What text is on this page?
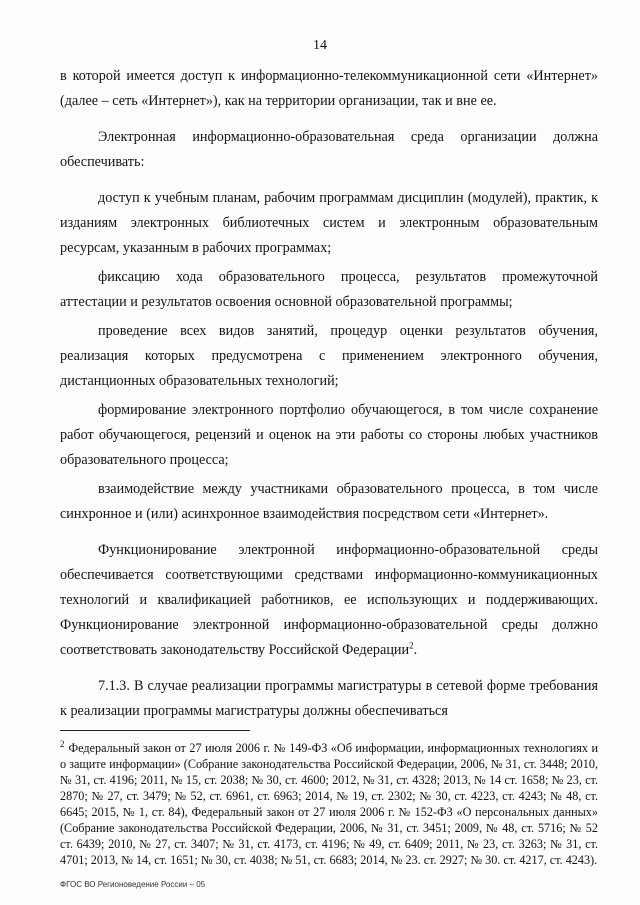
14

в которой имеется доступ к информационно-телекоммуникационной сети «Интернет» (далее – сеть «Интернет»), как на территории организации, так и вне ее.

Электронная информационно-образовательная среда организации должна обеспечивать:

доступ к учебным планам, рабочим программам дисциплин (модулей), практик, к изданиям электронных библиотечных систем и электронным образовательным ресурсам, указанным в рабочих программах;

фиксацию хода образовательного процесса, результатов промежуточной аттестации и результатов освоения основной образовательной программы;

проведение всех видов занятий, процедур оценки результатов обучения, реализация которых предусмотрена с применением электронного обучения, дистанционных образовательных технологий;

формирование электронного портфолио обучающегося, в том числе сохранение работ обучающегося, рецензий и оценок на эти работы со стороны любых участников образовательного процесса;

взаимодействие между участниками образовательного процесса, в том числе синхронное и (или) асинхронное взаимодействия посредством сети «Интернет».

Функционирование электронной информационно-образовательной среды обеспечивается соответствующими средствами информационно-коммуникационных технологий и квалификацией работников, ее использующих и поддерживающих. Функционирование электронной информационно-образовательной среды должно соответствовать законодательству Российской Федерации$^2$.

7.1.3. В случае реализации программы магистратуры в сетевой форме требования к реализации программы магистратуры должны обеспечиваться

$^2$ Федеральный закон от 27 июля 2006 г. № 149-ФЗ «Об информации, информационных технологиях и о защите информации» (Собрание законодательства Российской Федерации, 2006, № 31, ст. 3448; 2010, № 31, ст. 4196; 2011, № 15, ст. 2038; № 30, ст. 4600; 2012, № 31, ст. 4328; 2013, № 14 ст. 1658; № 23, ст. 2870; № 27, ст. 3479; № 52, ст. 6961, ст. 6963; 2014, № 19, ст. 2302; № 30, ст. 4223, ст. 4243; № 48, ст. 6645; 2015, № 1, ст. 84), Федеральный закон от 27 июля 2006 г. № 152-ФЗ «О персональных данных» (Собрание законодательства Российской Федерации, 2006, № 31, ст. 3451; 2009, № 48, ст. 5716; № 52 ст. 6439; 2010, № 27, ст. 3407; № 31, ст. 4173, ст. 4196; № 49, ст. 6409; 2011, № 23, ст. 3263; № 31, ст. 4701; 2013, № 14, ст. 1651; № 30, ст. 4038; № 51, ст. 6683; 2014, № 23. ст. 2927; № 30. ст. 4217, ст. 4243).

ФГОС ВО Регионоведение России – 05
